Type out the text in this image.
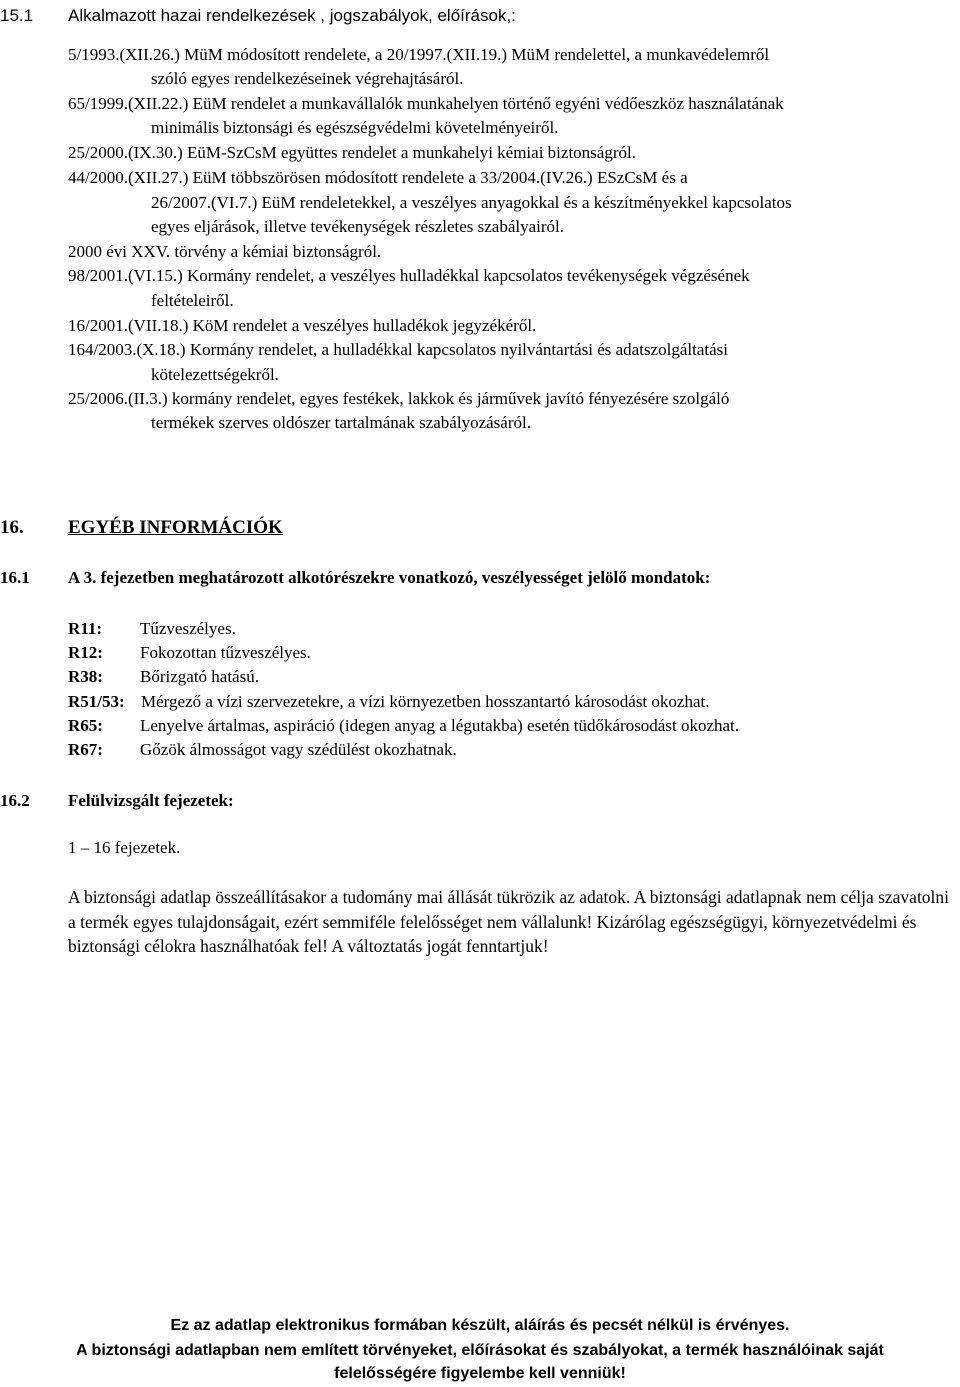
15.1 Alkalmazott hazai rendelkezések , jogszabályok, előírások,:
5/1993.(XII.26.) MüM módosított rendelete, a 20/1997.(XII.19.) MüM rendelettel, a munkavédelemről
szóló egyes rendelkezéseinek végrehajtásáról.
65/1999.(XII.22.) EüM rendelet a munkavállalók munkahelyen történő egyéni védőeszköz használatának
minimális biztonsági és egészségvédelmi követelményeiről.
25/2000.(IX.30.) EüM-SzCsM együttes rendelet a munkahelyi kémiai biztonságról.
44/2000.(XII.27.) EüM többszörösen módosított rendelete a 33/2004.(IV.26.) ESzCsM és a
26/2007.(VI.7.) EüM rendeletekkel, a veszélyes anyagokkal és a készítményekkel kapcsolatos
egyes eljárások, illetve tevékenységek részletes szabályairól.
2000 évi XXV. törvény a kémiai biztonságról.
98/2001.(VI.15.) Kormány rendelet, a veszélyes hulladékkal kapcsolatos tevékenységek végzésének
feltételeiről.
16/2001.(VII.18.) KöM rendelet a veszélyes hulladékok jegyzékéről.
164/2003.(X.18.) Kormány rendelet, a hulladékkal kapcsolatos nyilvántartási és adatszolgáltatási
kötelezettségekről.
25/2006.(II.3.) kormány rendelet, egyes festékek, lakkok és járművek javító fényezésére szolgáló
termékek szerves oldószer tartalmának szabályozásáról.
16. EGYÉB INFORMÁCIÓK
16.1 A 3. fejezetben meghatározott alkotórészekre vonatkozó, veszélyességet jelölő mondatok:
R11: Tűzveszélyes.
R12: Fokozottan tűzveszélyes.
R38: Bőrizgató hatású.
R51/53: Mérgező a vízi szervezetekre, a vízi környezetben hosszantartó károsodást okozhat.
R65: Lenyelve ártalmas, aspiráció (idegen anyag a légutakba) esetén tüdőkárosodást okozhat.
R67: Gőzök álmosságot vagy szédülést okozhatnak.
16.2 Felülvizsgált fejezetek:
1 – 16 fejezetek.
A biztonsági adatlap összeállításakor a tudomány mai állását tükrözik az adatok. A biztonsági adatlapnak nem célja szavatolni a termék egyes tulajdonságait, ezért semmiféle felelősséget nem vállalunk! Kizárólag egészségügyi, környezetvédelmi és biztonsági célokra használhatóak fel! A változtatás jogát fenntartjuk!
Ez az adatlap elektronikus formában készült, aláírás és pecsét nélkül is érvényes.
A biztonsági adatlapban nem említett törvényeket, előírásokat és szabályokat, a termék használóinak saját
felelősségére figyelembe kell venniük!
